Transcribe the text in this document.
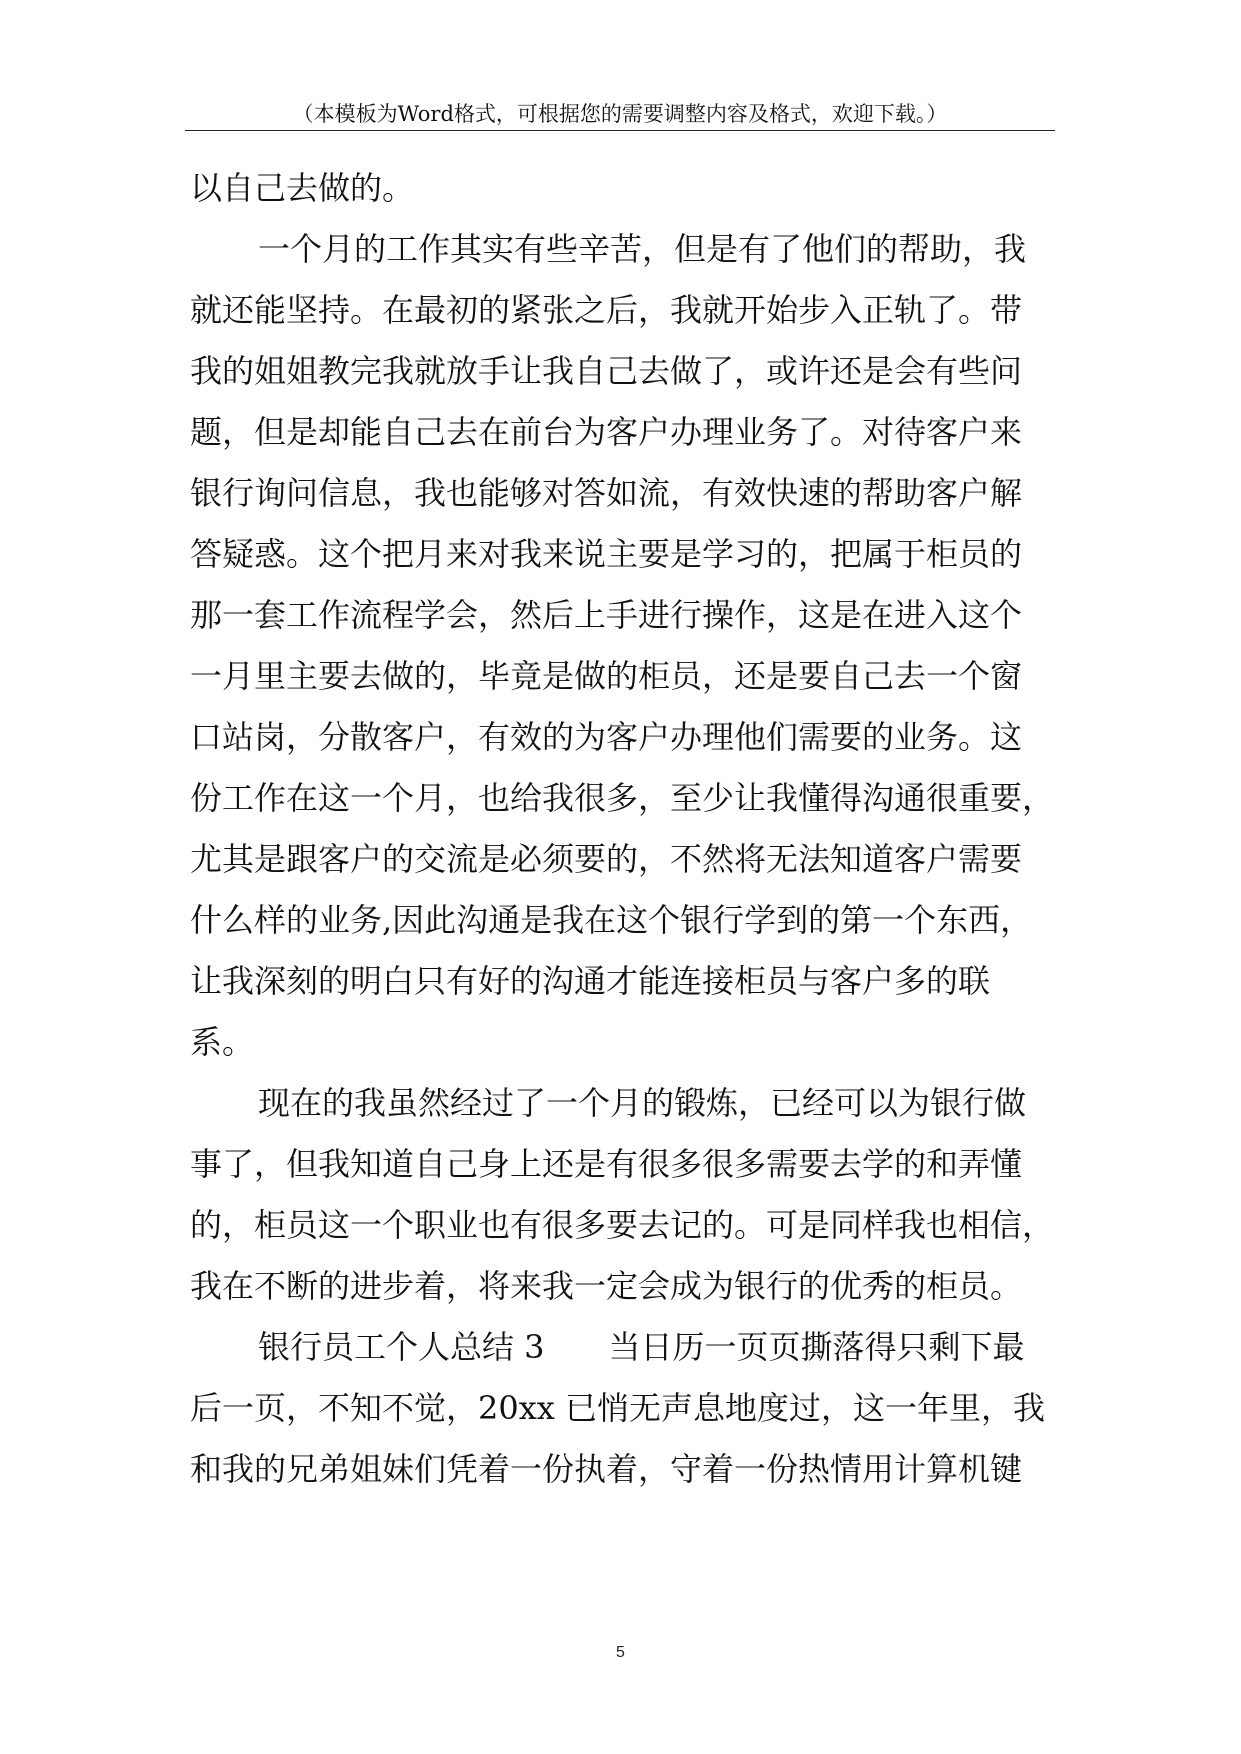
（本模板为Word格式，可根据您的需要调整内容及格式，欢迎下载。）
以自己去做的。
一个月的工作其实有些辛苦，但是有了他们的帮助，我
就还能坚持。在最初的紧张之后，我就开始步入正轨了。带
我的姐姐教完我就放手让我自己去做了，或许还是会有些问
题，但是却能自己去在前台为客户办理业务了。对待客户来
银行询问信息，我也能够对答如流，有效快速的帮助客户解
答疑惑。这个把月来对我来说主要是学习的，把属于柜员的
那一套工作流程学会，然后上手进行操作，这是在进入这个
一月里主要去做的，毕竟是做的柜员，还是要自己去一个窗
口站岗，分散客户，有效的为客户办理他们需要的业务。这
份工作在这一个月，也给我很多，至少让我懂得沟通很重要，
尤其是跟客户的交流是必须要的，不然将无法知道客户需要
什么样的业务,因此沟通是我在这个银行学到的第一个东西，
让我深刻的明白只有好的沟通才能连接柜员与客户多的联
系。
现在的我虽然经过了一个月的锻炼，已经可以为银行做
事了，但我知道自己身上还是有很多很多需要去学的和弄懂
的，柜员这一个职业也有很多要去记的。可是同样我也相信，
我在不断的进步着，将来我一定会成为银行的优秀的柜员。
银行员工个人总结 3　　当日历一页页撕落得只剩下最
后一页，不知不觉，20xx 已悄无声息地度过，这一年里，我
和我的兄弟姐妹们凭着一份执着，守着一份热情用计算机键
5
